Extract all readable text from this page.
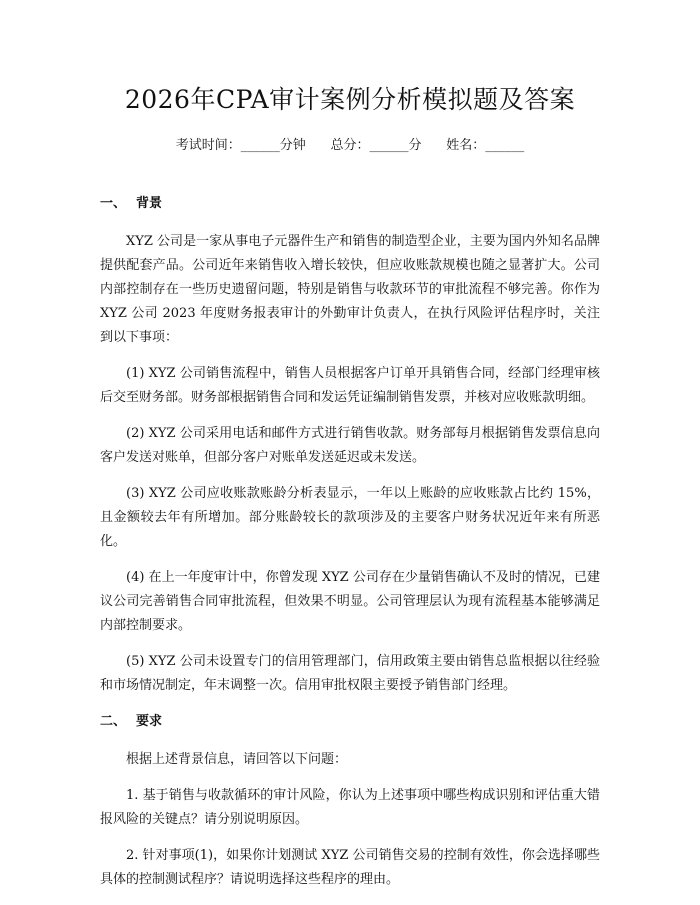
2026年CPA审计案例分析模拟题及答案
考试时间：______分钟      总分：______分      姓名：______
一、 背景

XYZ 公司是一家从事电子元器件生产和销售的制造型企业，主要为国内外知名品牌提供配套产品。公司近年来销售收入增长较快，但应收账款规模也随之显著扩大。公司内部控制存在一些历史遗留问题，特别是销售与收款环节的审批流程不够完善。你作为 XYZ 公司 2023 年度财务报表审计的外勤审计负责人，在执行风险评估程序时，关注到以下事项：

(1) XYZ 公司销售流程中，销售人员根据客户订单开具销售合同，经部门经理审核后交至财务部。财务部根据销售合同和发运凭证编制销售发票，并核对应收账款明细。

(2) XYZ 公司采用电话和邮件方式进行销售收款。财务部每月根据销售发票信息向客户发送对账单，但部分客户对账单发送延迟或未发送。

(3) XYZ 公司应收账款账龄分析表显示，一年以上账龄的应收账款占比约 15%，且金额较去年有所增加。部分账龄较长的款项涉及的主要客户财务状况近年来有所恶化。

(4) 在上一年度审计中，你曾发现 XYZ 公司存在少量销售确认不及时的情况，已建议公司完善销售合同审批流程，但效果不明显。公司管理层认为现有流程基本能够满足内部控制要求。

(5) XYZ 公司未设置专门的信用管理部门，信用政策主要由销售总监根据以往经验和市场情况制定，年末调整一次。信用审批权限主要授予销售部门经理。

二、 要求

根据上述背景信息，请回答以下问题：

1. 基于销售与收款循环的审计风险，你认为上述事项中哪些构成识别和评估重大错报风险的关键点？请分别说明原因。

2. 针对事项(1)，如果你计划测试 XYZ 公司销售交易的控制有效性，你会选择哪些具体的控制测试程序？请说明选择这些程序的理由。
